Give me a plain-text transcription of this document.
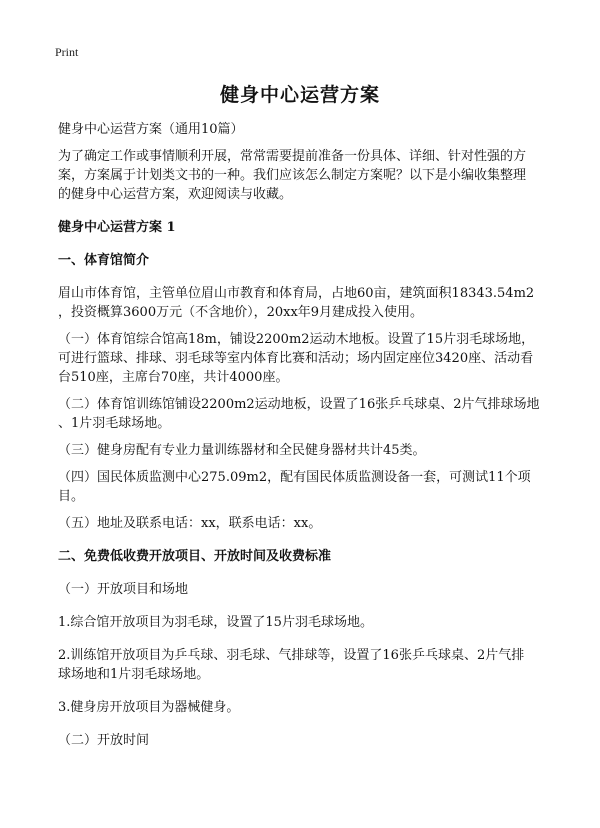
Print
健身中心运营方案

健身中心运营方案（通用10篇）

为了确定工作或事情顺利开展，常常需要提前准备一份具体、详细、针对性强的方

案，方案属于计划类文书的一种。我们应该怎么制定方案呢？以下是小编收集整理

的健身中心运营方案，欢迎阅读与收藏。

健身中心运营方案 1

一、体育馆简介

眉山市体育馆，主管单位眉山市教育和体育局，占地60亩，建筑面积18343.54m2

，投资概算3600万元（不含地价），20xx年9月建成投入使用。

（一）体育馆综合馆高18m，铺设2200m2运动木地板。设置了15片羽毛球场地，

可进行篮球、排球、羽毛球等室内体育比赛和活动；场内固定座位3420座、活动看

台510座，主席台70座，共计4000座。

（二）体育馆训练馆铺设2200m2运动地板，设置了16张乒乓球桌、2片气排球场地

、1片羽毛球场地。

（三）健身房配有专业力量训练器材和全民健身器材共计45类。

（四）国民体质监测中心275.09m2，配有国民体质监测设备一套，可测试11个项

目。

（五）地址及联系电话：xx，联系电话：xx。

二、免费低收费开放项目、开放时间及收费标准

（一）开放项目和场地

1.综合馆开放项目为羽毛球，设置了15片羽毛球场地。

2.训练馆开放项目为乒乓球、羽毛球、气排球等，设置了16张乒乓球桌、2片气排

球场地和1片羽毛球场地。

3.健身房开放项目为器械健身。

（二）开放时间
